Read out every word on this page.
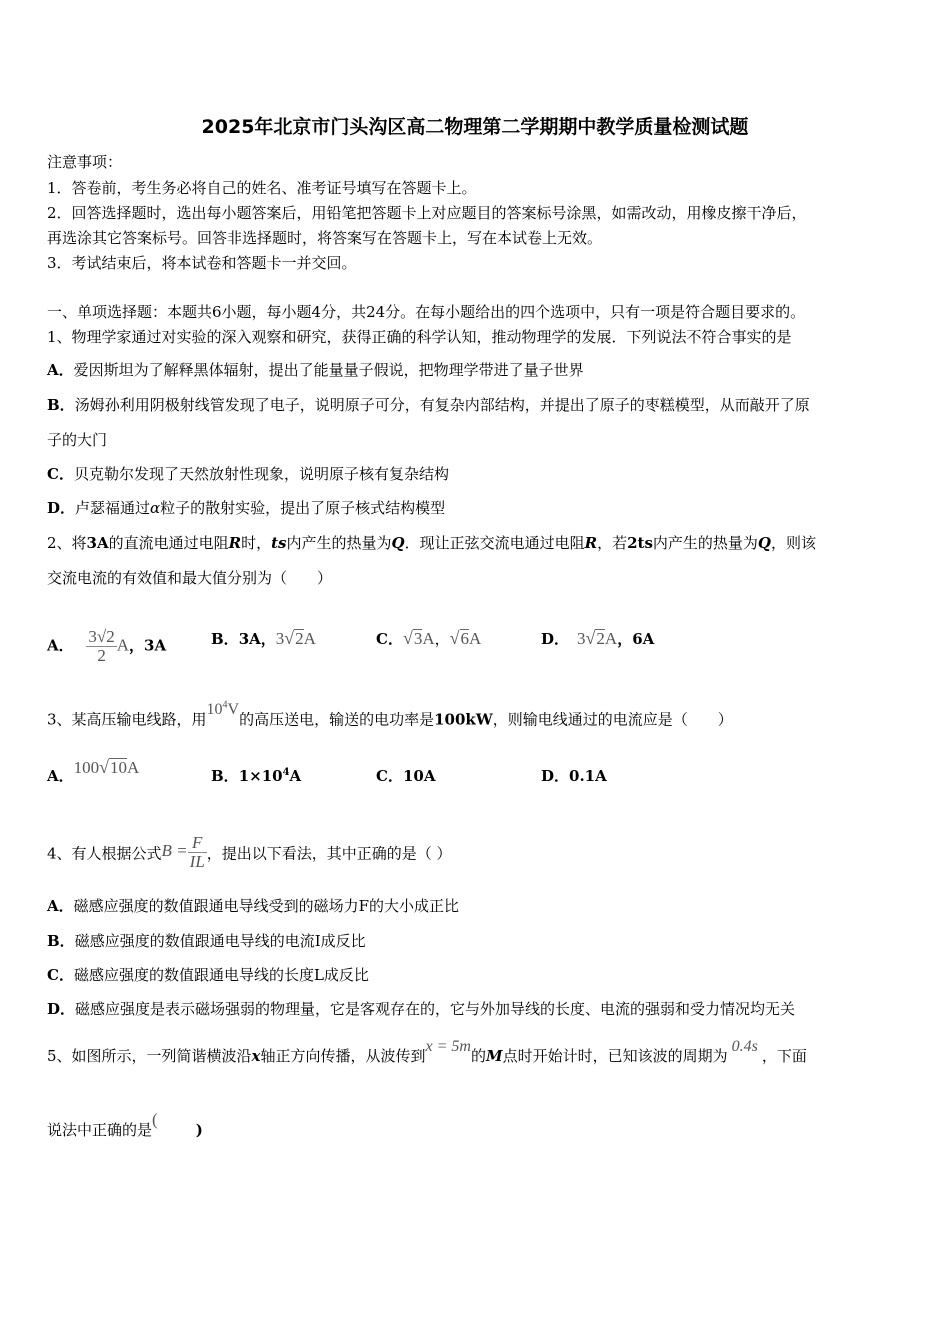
2025年北京市门头沟区高二物理第二学期期中教学质量检测试题
注意事项：
1．答卷前，考生务必将自己的姓名、准考证号填写在答题卡上。
2．回答选择题时，选出每小题答案后，用铅笔把答题卡上对应题目的答案标号涂黑，如需改动，用橡皮擦干净后，
再选涂其它答案标号。回答非选择题时，将答案写在答题卡上，写在本试卷上无效。
3．考试结束后，将本试卷和答题卡一并交回。
一、单项选择题：本题共6小题，每小题4分，共24分。在每小题给出的四个选项中，只有一项是符合题目要求的。
1、物理学家通过对实验的深入观察和研究，获得正确的科学认知，推动物理学的发展．下列说法不符合事实的是
A．爱因斯坦为了解释黑体辐射，提出了能量量子假说，把物理学带进了量子世界
B．汤姆孙利用阴极射线管发现了电子，说明原子可分，有复杂内部结构，并提出了原子的枣糕模型，从而敲开了原
子的大门
C．贝克勒尔发现了天然放射性现象，说明原子核有复杂结构
D．卢瑟福通过α粒子的散射实验，提出了原子核式结构模型
2、将3A的直流电通过电阻R时，ts内产生的热量为Q．现让正弦交流电通过电阻R，若2ts内产生的热量为Q，则该
交流电流的有效值和最大值分别为（　　）
A． $\frac{3√2}{2}$ A，3A	B．3A，3√2A	C．√3A，√6A	D． 3√2A，6A
3、某高压输电线路，用$10^4V$的高压送电，输送的电功率是100kW，则输电线通过的电流应是（　　）
A．100√10A	B．$1\times 10^4A$	C．10A	D．0.1A
4、有人根据公式$B = \frac{F}{IL}$ ，提出以下看法，其中正确的是（ ）
A．磁感应强度的数值跟通电导线受到的磁场力F的大小成正比
B．磁感应强度的数值跟通电导线的电流I成反比
C．磁感应强度的数值跟通电导线的长度L成反比
D．磁感应强度是表示磁场强弱的物理量，它是客观存在的，它与外加导线的长度、电流的强弱和受力情况均无关
5、如图所示，一列简谐横波沿x轴正方向传播，从波传到x = 5m的M点时开始计时，已知该波的周期为0.4s，下面
说法中正确的是()
